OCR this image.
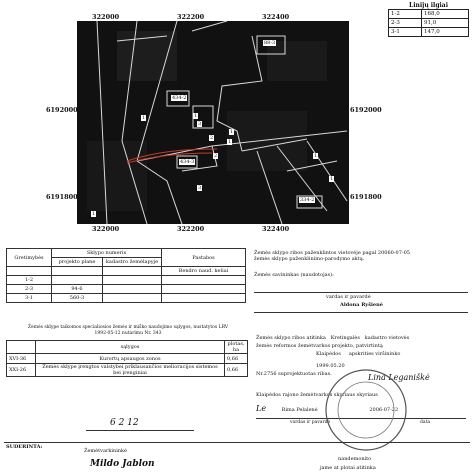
88-3
434-2
1	1
3
1
2
1
434-3
2	1
3
334-2
1
1
322000	322200	322400
322000	322200	322400
6192000
6191800
6192000
6191800
Linijų ilgiai
1-2	168,0
2-3	91,0
3-1	147,0
Žemės sklypo ribos paženklintos vietovėje pagal 20060-07-05
žemės sklypo paženklinimo-parodymo aktą.
Gretimybės	Sklypo numeris		Pastabos
	projekto plane	kadastro žemėlapyje	
			Bendro naud. keliai
1-2			
2-3	94-6		
3-1	560-3		
Žemės savininkas (naudotojas):
vardas ir pavardė
Aldona Ryšienė
Žemės sklype taikomos specialiosios žemės ir miško naudojimo sąlygos, nustatytos LRV
1992-05-12 nutarimu Nr. 343
	sąlygos	plotas, ha
XVI-36	Kurortų apsaugos zonos	0,66
XXI-26	Žemės sklype įrengtos valstybei priklausančios melioracijos sistemos bei įrenginiai	0,66
Žemės sklypo ribos atitinka Kretingalės kadastro vietovės
žemės reformos žemėtvarkos projekto, patvirtintą
Klaipėdos apskrities viršininko
1999.05.20
Nr.2756 suprojektuotas ribas.	Lina Leganiškė
Klaipėdos rajono žemėtvarkos skyriaus skyriaus
Le	Rima Pelalenė	2006-07-22
vardas ir pavardė	data
SUDERINTA:
6 2 12
Žemėtvarkininkė
Mildo Jablon	nandemonito
jame at plotai atitinka
